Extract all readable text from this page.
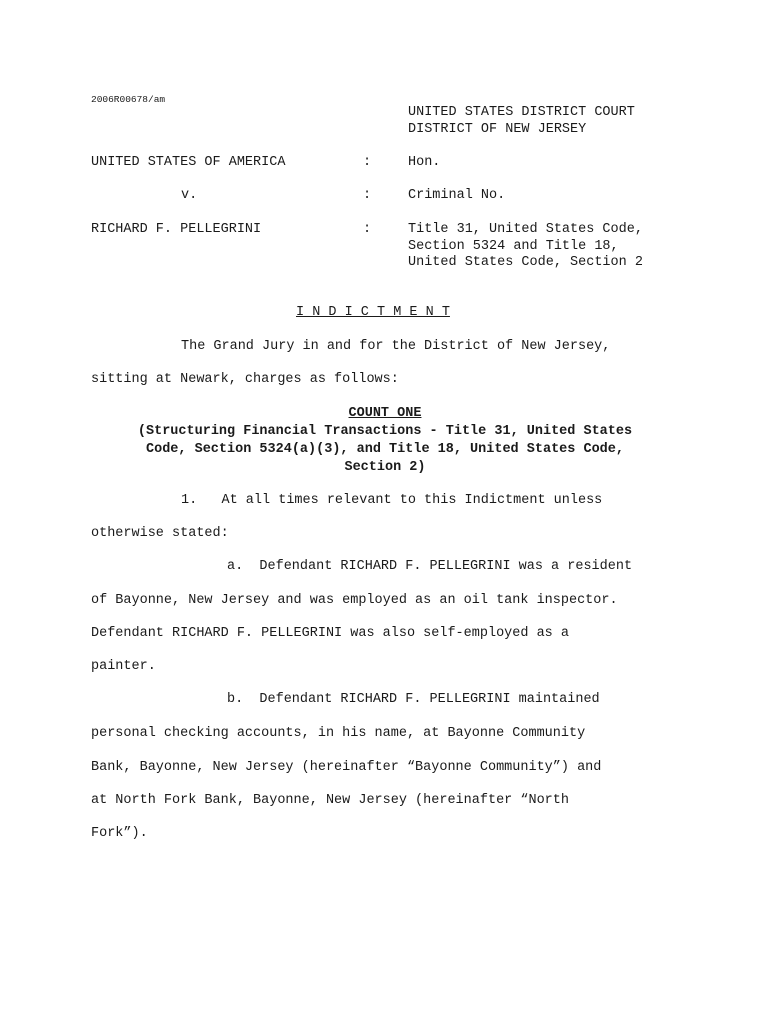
2006R00678/am
UNITED STATES DISTRICT COURT
DISTRICT OF NEW JERSEY
UNITED STATES OF AMERICA	:	Hon.
v.	:	Criminal No.
RICHARD F. PELLEGRINI	:	Title 31, United States Code,
Section 5324 and Title 18,
United States Code, Section 2
I N D I C T M E N T
The Grand Jury in and for the District of New Jersey,
sitting at Newark, charges as follows:
COUNT ONE
(Structuring Financial Transactions - Title 31, United States
Code, Section 5324(a)(3), and Title 18, United States Code,
Section 2)
1.   At all times relevant to this Indictment unless
otherwise stated:
a.  Defendant RICHARD F. PELLEGRINI was a resident
of Bayonne, New Jersey and was employed as an oil tank inspector.
Defendant RICHARD F. PELLEGRINI was also self-employed as a
painter.
b.  Defendant RICHARD F. PELLEGRINI maintained
personal checking accounts, in his name, at Bayonne Community
Bank, Bayonne, New Jersey (hereinafter “Bayonne Community”) and
at North Fork Bank, Bayonne, New Jersey (hereinafter “North
Fork”).
